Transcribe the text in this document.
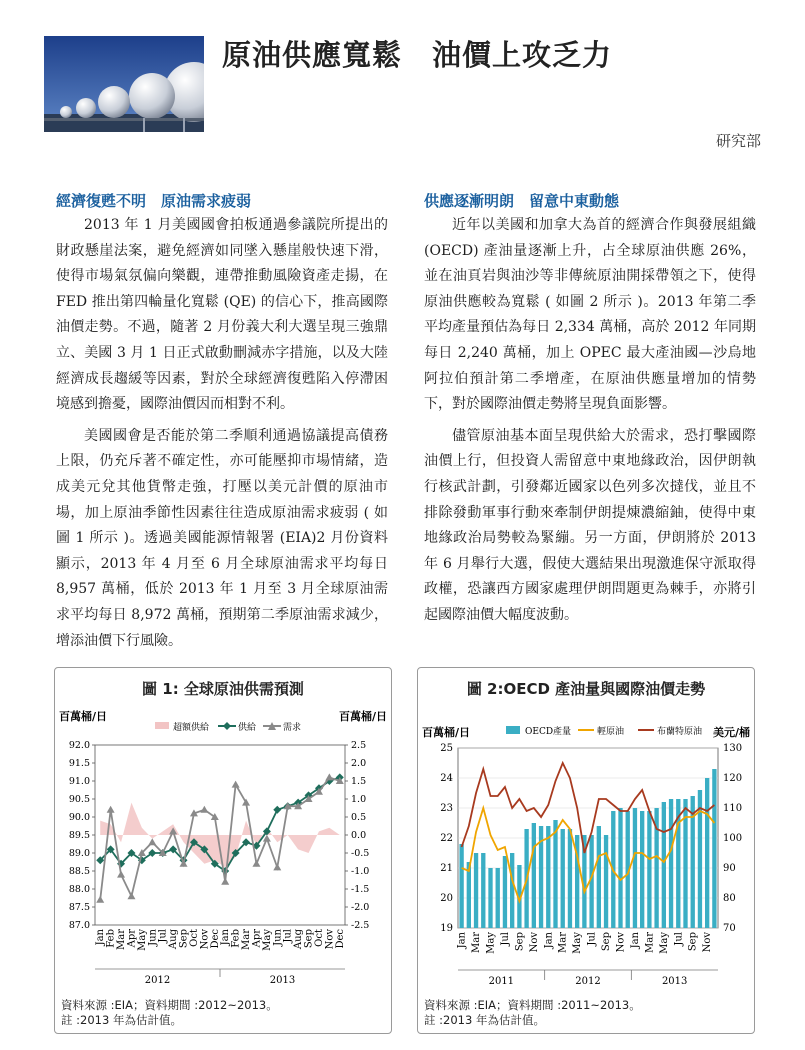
原油供應寬鬆　油價上攻乏力
研究部
經濟復甦不明　原油需求疲弱

2013 年 1 月美國國會拍板通過參議院所提出的財政懸崖法案，避免經濟如同墜入懸崖般快速下滑，使得市場氣氛偏向樂觀，連帶推動風險資產走揚，在 FED 推出第四輪量化寬鬆 (QE) 的信心下，推高國際油價走勢。不過，隨著 2 月份義大利大選呈現三強鼎立、美國 3 月 1 日正式啟動刪減赤字措施，以及大陸經濟成長趨緩等因素，對於全球經濟復甦陷入停滯困境感到擔憂，國際油價因而相對不利。

美國國會是否能於第二季順利通過協議提高債務上限，仍充斥著不確定性，亦可能壓抑市場情緒，造成美元兌其他貨幣走強，打壓以美元計價的原油市場，加上原油季節性因素往往造成原油需求疲弱 ( 如圖 1 所示 )。透過美國能源情報署 (EIA)2 月份資料顯示，2013 年 4 月至 6 月全球原油需求平均每日 8,957 萬桶，低於 2013 年 1 月至 3 月全球原油需求平均每日 8,972 萬桶，預期第二季原油需求減少，增添油價下行風險。

供應逐漸明朗　留意中東動態

近年以美國和加拿大為首的經濟合作與發展組織 (OECD) 產油量逐漸上升，占全球原油供應 26%，並在油頁岩與油沙等非傳統原油開採帶領之下，使得原油供應較為寬鬆 ( 如圖 2 所示 )。2013 年第二季平均產量預估為每日 2,334 萬桶，高於 2012 年同期每日 2,240 萬桶，加上 OPEC 最大產油國—沙烏地阿拉伯預計第二季增產，在原油供應量增加的情勢下，對於國際油價走勢將呈現負面影響。

儘管原油基本面呈現供給大於需求，恐打擊國際油價上行，但投資人需留意中東地緣政治，因伊朗執行核武計劃，引發鄰近國家以色列多次撻伐，並且不排除發動軍事行動來牽制伊朗提煉濃縮鈾，使得中東地緣政治局勢較為緊繃。另一方面，伊朗將於 2013 年 6 月舉行大選，假使大選結果出現激進保守派取得政權，恐讓西方國家處理伊朗問題更為棘手，亦將引起國際油價大幅度波動。

圖 1: 全球原油供需預測
百萬桶/日	百萬桶/日
超額供給	供給	需求
92.0
91.5
91.0
90.5
90.0
89.5
89.0
88.5
88.0
87.5
87.0
2.5
2.0
1.5
1.0
0.5
0.0
-0.5
-1.0
-1.5
-2.0
-2.5
Jan Feb Mar Apr May Jun Jul Aug Sep Oct Nov Dec Jan Feb Mar Apr May Jun Jul Aug Sep Oct Nov Dec
2012	2013
資料來源 :EIA；資料期間 :2012~2013。
註 :2013 年為估計值。
圖 2:OECD 產油量與國際油價走勢
百萬桶/日	美元/桶
OECD產量	輕原油	布蘭特原油
25
24
23
22
21
20
19
130
120
110
100
90
80
70
Jan Mar May Jul Sep Nov Jan Mar May Jul Sep Nov Jan Mar May Jul Sep Nov
2011	2012	2013
資料來源 :EIA；資料期間 :2011~2013。
註 :2013 年為估計值。
